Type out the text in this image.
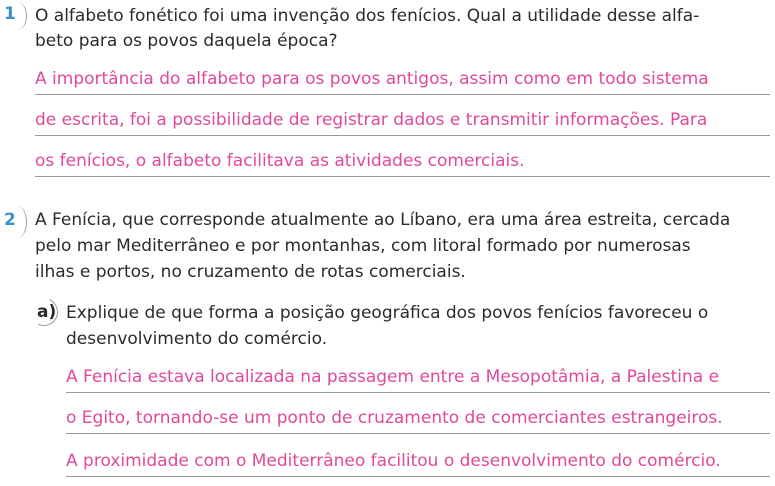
1 O alfabeto fonético foi uma invenção dos fenícios. Qual a utilidade desse alfa-
beto para os povos daquela época?
A importância do alfabeto para os povos antigos, assim como em todo sistema
de escrita, foi a possibilidade de registrar dados e transmitir informações. Para
os fenícios, o alfabeto facilitava as atividades comerciais.
2 A Fenícia, que corresponde atualmente ao Líbano, era uma área estreita, cercada
pelo mar Mediterrâneo e por montanhas, com litoral formado por numerosas
ilhas e portos, no cruzamento de rotas comerciais.
a) Explique de que forma a posição geográfica dos povos fenícios favoreceu o
desenvolvimento do comércio.
A Fenícia estava localizada na passagem entre a Mesopotâmia, a Palestina e
o Egito, tornando-se um ponto de cruzamento de comerciantes estrangeiros.
A proximidade com o Mediterrâneo facilitou o desenvolvimento do comércio.
